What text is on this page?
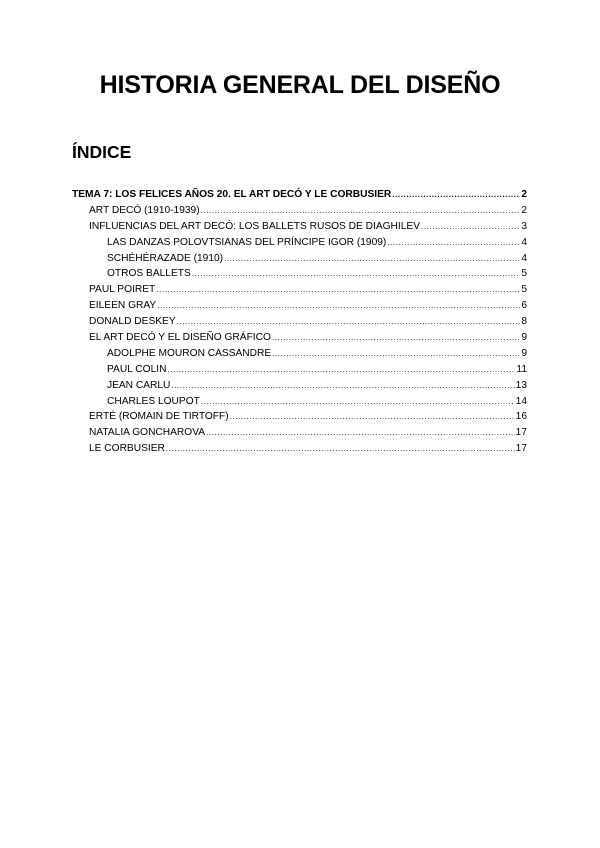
HISTORIA GENERAL DEL DISEÑO
ÍNDICE
TEMA 7: LOS FELICES AÑOS 20. EL ART DECÓ Y LE CORBUSIER .....	2
ART DECÓ (1910-1939) .....	2
INFLUENCIAS DEL ART DECÓ: LOS BALLETS RUSOS DE DIAGHILEV .....	3
LAS DANZAS POLOVTSIANAS DEL PRÍNCIPE IGOR (1909) .....	4
SCHÉHÉRAZADE (1910) .....	4
OTROS BALLETS .....	5
PAUL POIRET .....	5
EILEEN GRAY .....	6
DONALD DESKEY .....	8
EL ART DECÓ Y EL DISEÑO GRÁFICO .....	9
ADOLPHE MOURON CASSANDRE .....	9
PAUL COLIN .....	11
JEAN CARLU .....	13
CHARLES LOUPOT .....	14
ERTÉ (ROMAIN DE TIRTOFF) .....	16
NATALIA GONCHAROVA .....	17
LE CORBUSIER .....	17
